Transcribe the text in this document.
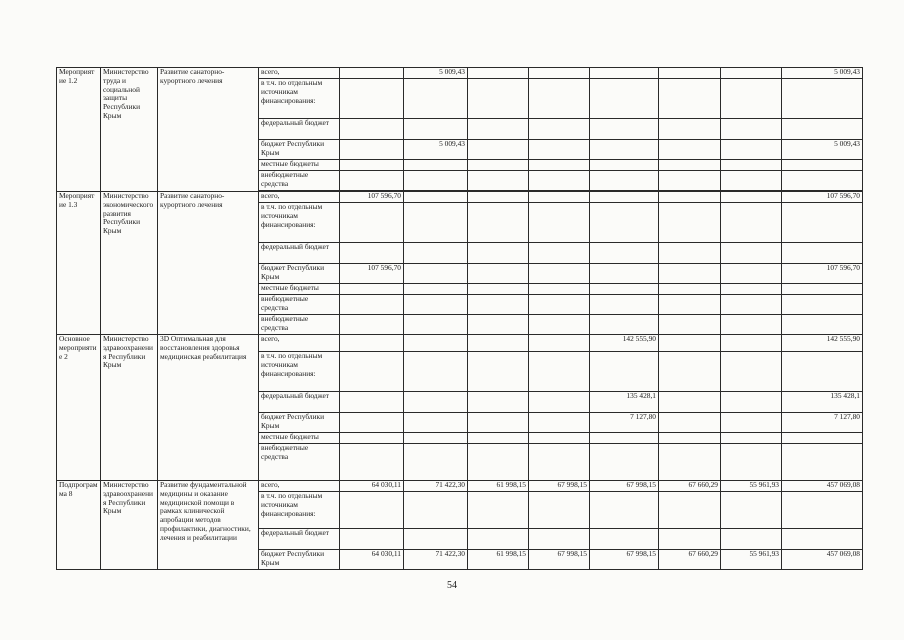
Мероприятие 1.2	Министерство труда и социальной защиты Республики Крым	Развитие санаторно-курортного лечения	всего,		5 009,43						5 009,43
			в т.ч. по отдельным источникам финансирования:								
			федеральный бюджет								
			бюджет Республики Крым		5 009,43						5 009,43
			местные бюджеты								
			внебюджетные средства								

Мероприятие 1.3	Министерство экономического развития Республики Крым	Развитие санаторно-курортного лечения	всего,	107 596,70							107 596,70
			в т.ч. по отдельным источникам финансирования:								
			федеральный бюджет								
			бюджет Республики Крым	107 596,70							107 596,70
			местные бюджеты								
			внебюджетные средства								
			внебюджетные средства								
Основное мероприятие 2	Министерство здравоохранения Республики Крым	3D Оптимальная для восстановления здоровья медицинская реабилитация	всего,					142 555,90			142 555,90
			в т.ч. по отдельным источникам финансирования:								
			федеральный бюджет					135 428,1			135 428,1
			бюджет Республики Крым					7 127,80			7 127,80
			местные бюджеты								
			внебюджетные средства								
Подпрограмма 8	Министерство здравоохранения Республики Крым	Развитие фундаментальной медицины и оказание медицинской помощи в рамках клинической апробации методов профилактики, диагностики, лечения и реабилитации	всего,	64 030,11	71 422,30	61 998,15	67 998,15	67 998,15	67 660,29	55 961,93	457 069,08
			в т.ч. по отдельным источникам финансирования:								
			федеральный бюджет								
			бюджет Республики Крым	64 030,11	71 422,30	61 998,15	67 998,15	67 998,15	67 660,29	55 961,93	457 069,08
54
